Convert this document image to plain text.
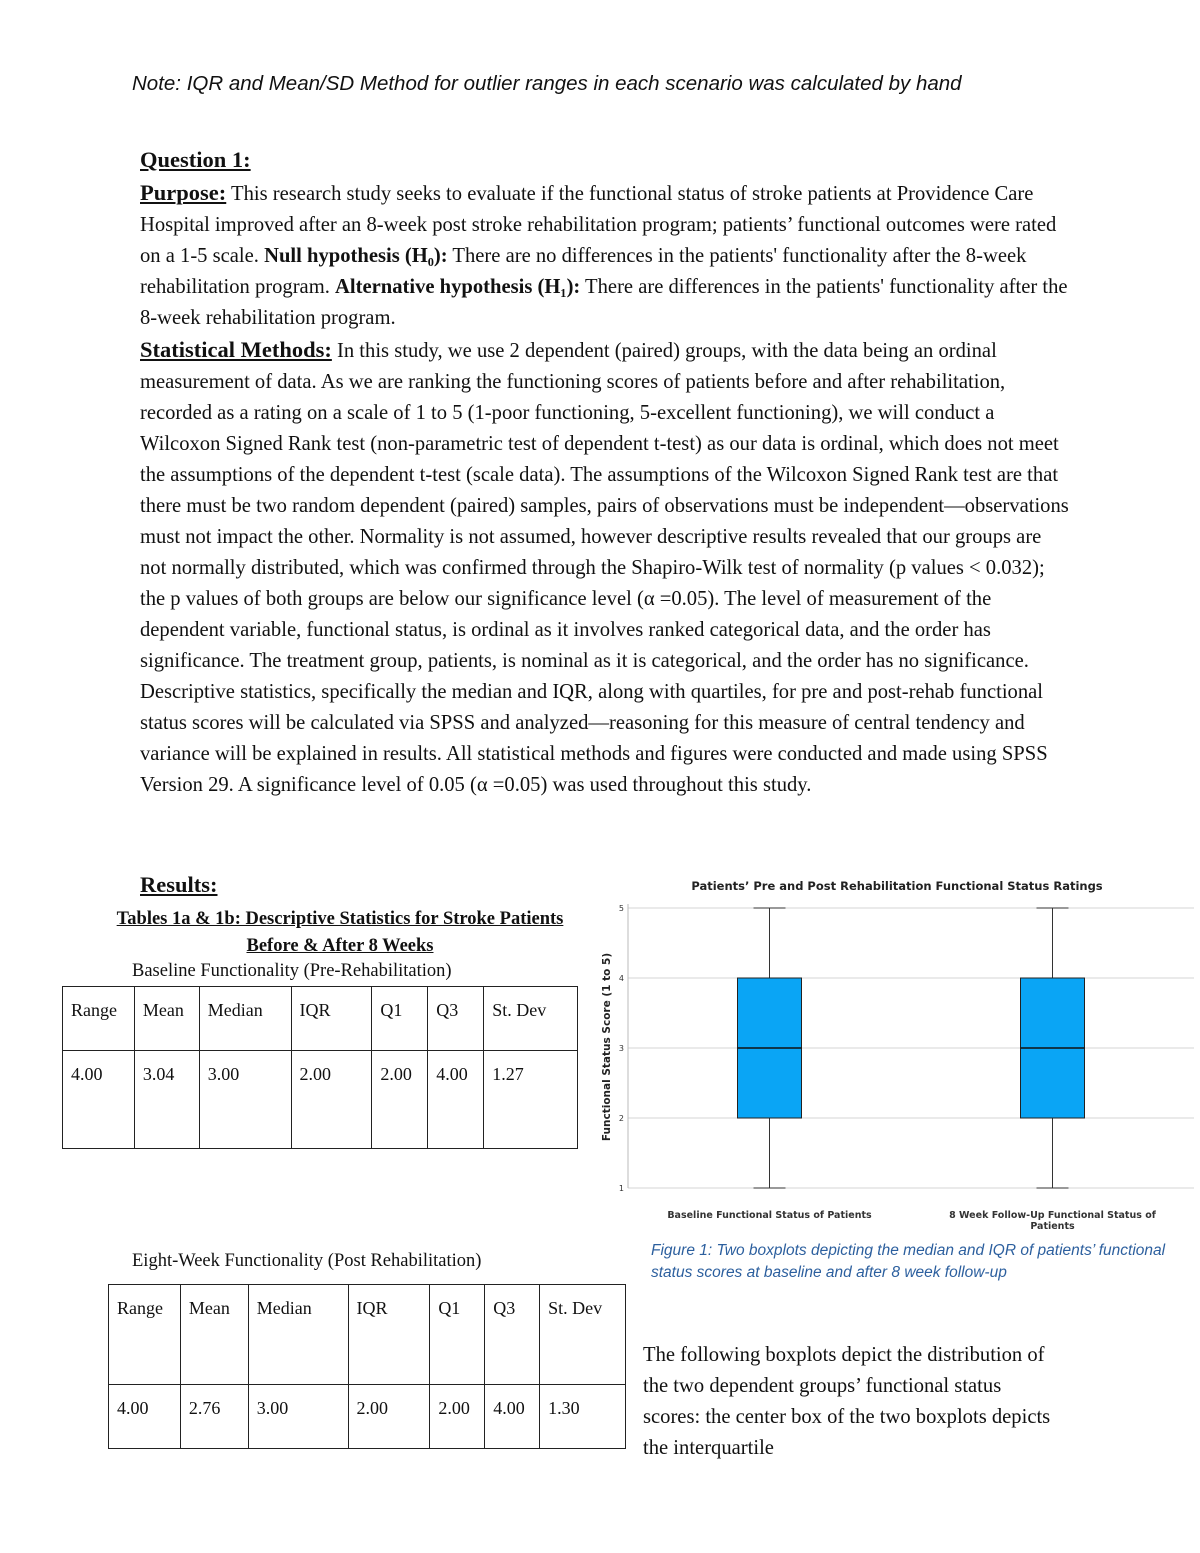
Note: IQR and Mean/SD Method for outlier ranges in each scenario was calculated by hand

Question 1:

Purpose: This research study seeks to evaluate if the functional status of stroke patients at Providence Care Hospital improved after an 8-week post stroke rehabilitation program; patients’ functional outcomes were rated on a 1-5 scale. Null hypothesis (H₀): There are no differences in the patients' functionality after the 8-week rehabilitation program. Alternative hypothesis (H₁): There are differences in the patients' functionality after the 8-week rehabilitation program.

Statistical Methods: In this study, we use 2 dependent (paired) groups, with the data being an ordinal measurement of data. As we are ranking the functioning scores of patients before and after rehabilitation, recorded as a rating on a scale of 1 to 5 (1-poor functioning, 5-excellent functioning), we will conduct a Wilcoxon Signed Rank test (non-parametric test of dependent t-test) as our data is ordinal, which does not meet the assumptions of the dependent t-test (scale data). The assumptions of the Wilcoxon Signed Rank test are that there must be two random dependent (paired) samples, pairs of observations must be independent—observations must not impact the other. Normality is not assumed, however descriptive results revealed that our groups are not normally distributed, which was confirmed through the Shapiro-Wilk test of normality (p values < 0.032); the p values of both groups are below our significance level (α =0.05). The level of measurement of the dependent variable, functional status, is ordinal as it involves ranked categorical data, and the order has significance. The treatment group, patients, is nominal as it is categorical, and the order has no significance. Descriptive statistics, specifically the median and IQR, along with quartiles, for pre and post-rehab functional status scores will be calculated via SPSS and analyzed—reasoning for this measure of central tendency and variance will be explained in results. All statistical methods and figures were conducted and made using SPSS Version 29. A significance level of 0.05 (α =0.05) was used throughout this study.

Results:
Tables 1a & 1b: Descriptive Statistics for Stroke Patients Before & After 8 Weeks
Baseline Functionality (Pre-Rehabilitation)
Range	Mean	Median	IQR	Q1	Q3	St. Dev
4.00	3.04	3.00	2.00	2.00	4.00	1.27
Eight-Week Functionality (Post Rehabilitation)
Range	Mean	Median	IQR	Q1	Q3	St. Dev
4.00	2.76	3.00	2.00	2.00	4.00	1.30
Patients’ Pre and Post Rehabilitation Functional Status Ratings
Functional Status Score (1 to 5)
1
2
3
4
5
Baseline Functional Status of Patients	8 Week Follow-Up Functional Status of Patients
Figure 1: Two boxplots depicting the median and IQR of patients’ functional status scores at baseline and after 8 week follow-up
The following boxplots depict the distribution of the two dependent groups’ functional status scores: the center box of the two boxplots depicts the interquartile
